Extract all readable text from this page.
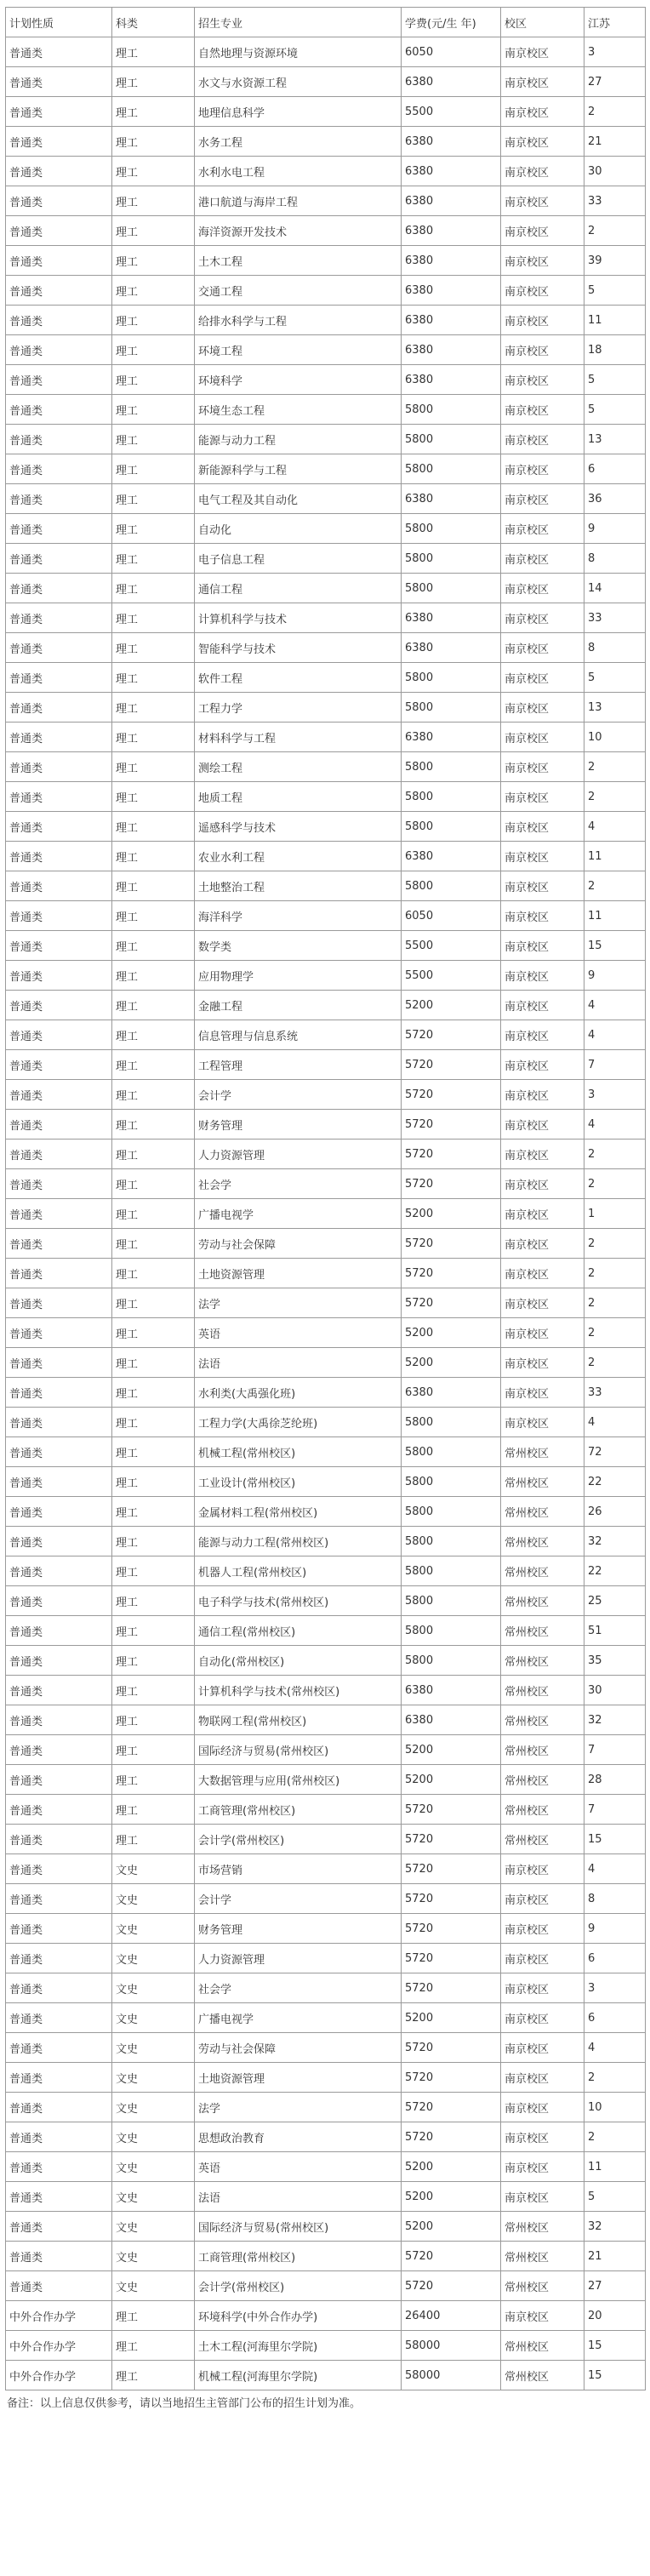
计划性质	科类	招生专业	学费(元/生 年)	校区	江苏
普通类	理工	自然地理与资源环境	6050	南京校区	3
普通类	理工	水文与水资源工程	6380	南京校区	27
普通类	理工	地理信息科学	5500	南京校区	2
普通类	理工	水务工程	6380	南京校区	21
普通类	理工	水利水电工程	6380	南京校区	30
普通类	理工	港口航道与海岸工程	6380	南京校区	33
普通类	理工	海洋资源开发技术	6380	南京校区	2
普通类	理工	土木工程	6380	南京校区	39
普通类	理工	交通工程	6380	南京校区	5
普通类	理工	给排水科学与工程	6380	南京校区	11
普通类	理工	环境工程	6380	南京校区	18
普通类	理工	环境科学	6380	南京校区	5
普通类	理工	环境生态工程	5800	南京校区	5
普通类	理工	能源与动力工程	5800	南京校区	13
普通类	理工	新能源科学与工程	5800	南京校区	6
普通类	理工	电气工程及其自动化	6380	南京校区	36
普通类	理工	自动化	5800	南京校区	9
普通类	理工	电子信息工程	5800	南京校区	8
普通类	理工	通信工程	5800	南京校区	14
普通类	理工	计算机科学与技术	6380	南京校区	33
普通类	理工	智能科学与技术	6380	南京校区	8
普通类	理工	软件工程	5800	南京校区	5
普通类	理工	工程力学	5800	南京校区	13
普通类	理工	材料科学与工程	6380	南京校区	10
普通类	理工	测绘工程	5800	南京校区	2
普通类	理工	地质工程	5800	南京校区	2
普通类	理工	遥感科学与技术	5800	南京校区	4
普通类	理工	农业水利工程	6380	南京校区	11
普通类	理工	土地整治工程	5800	南京校区	2
普通类	理工	海洋科学	6050	南京校区	11
普通类	理工	数学类	5500	南京校区	15
普通类	理工	应用物理学	5500	南京校区	9
普通类	理工	金融工程	5200	南京校区	4
普通类	理工	信息管理与信息系统	5720	南京校区	4
普通类	理工	工程管理	5720	南京校区	7
普通类	理工	会计学	5720	南京校区	3
普通类	理工	财务管理	5720	南京校区	4
普通类	理工	人力资源管理	5720	南京校区	2
普通类	理工	社会学	5720	南京校区	2
普通类	理工	广播电视学	5200	南京校区	1
普通类	理工	劳动与社会保障	5720	南京校区	2
普通类	理工	土地资源管理	5720	南京校区	2
普通类	理工	法学	5720	南京校区	2
普通类	理工	英语	5200	南京校区	2
普通类	理工	法语	5200	南京校区	2
普通类	理工	水利类(大禹强化班)	6380	南京校区	33
普通类	理工	工程力学(大禹徐芝纶班)	5800	南京校区	4
普通类	理工	机械工程(常州校区)	5800	常州校区	72
普通类	理工	工业设计(常州校区)	5800	常州校区	22
普通类	理工	金属材料工程(常州校区)	5800	常州校区	26
普通类	理工	能源与动力工程(常州校区)	5800	常州校区	32
普通类	理工	机器人工程(常州校区)	5800	常州校区	22
普通类	理工	电子科学与技术(常州校区)	5800	常州校区	25
普通类	理工	通信工程(常州校区)	5800	常州校区	51
普通类	理工	自动化(常州校区)	5800	常州校区	35
普通类	理工	计算机科学与技术(常州校区)	6380	常州校区	30
普通类	理工	物联网工程(常州校区)	6380	常州校区	32
普通类	理工	国际经济与贸易(常州校区)	5200	常州校区	7
普通类	理工	大数据管理与应用(常州校区)	5200	常州校区	28
普通类	理工	工商管理(常州校区)	5720	常州校区	7
普通类	理工	会计学(常州校区)	5720	常州校区	15
普通类	文史	市场营销	5720	南京校区	4
普通类	文史	会计学	5720	南京校区	8
普通类	文史	财务管理	5720	南京校区	9
普通类	文史	人力资源管理	5720	南京校区	6
普通类	文史	社会学	5720	南京校区	3
普通类	文史	广播电视学	5200	南京校区	6
普通类	文史	劳动与社会保障	5720	南京校区	4
普通类	文史	土地资源管理	5720	南京校区	2
普通类	文史	法学	5720	南京校区	10
普通类	文史	思想政治教育	5720	南京校区	2
普通类	文史	英语	5200	南京校区	11
普通类	文史	法语	5200	南京校区	5
普通类	文史	国际经济与贸易(常州校区)	5200	常州校区	32
普通类	文史	工商管理(常州校区)	5720	常州校区	21
普通类	文史	会计学(常州校区)	5720	常州校区	27
中外合作办学	理工	环境科学(中外合作办学)	26400	南京校区	20
中外合作办学	理工	土木工程(河海里尔学院)	58000	常州校区	15
中外合作办学	理工	机械工程(河海里尔学院)	58000	常州校区	15
备注：以上信息仅供参考，请以当地招生主管部门公布的招生计划为准。
